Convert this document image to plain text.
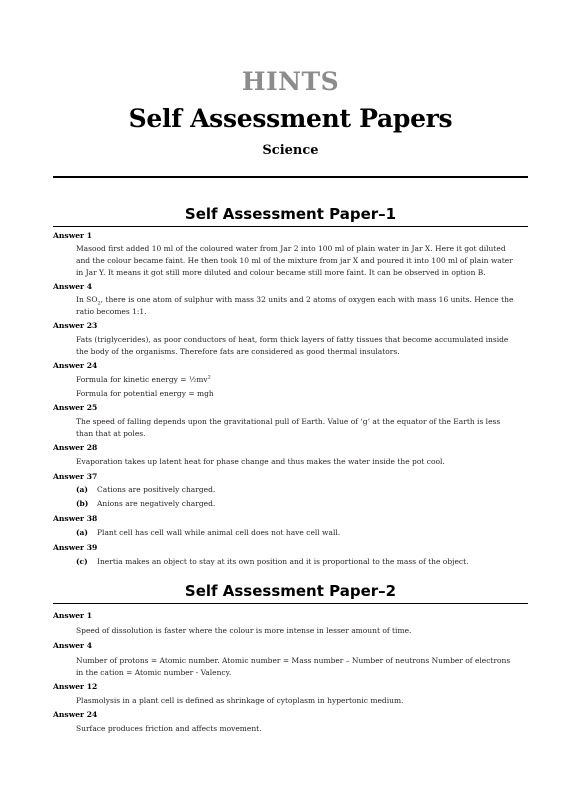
HINTS
Self Assessment Papers
Science
Self Assessment Paper–1
Answer 1
Masood first added 10 ml of the coloured water from Jar 2 into 100 ml of plain water in Jar X. Here it got diluted
and the colour became faint. He then took 10 ml of the mixture from jar X and poured it into 100 ml of plain water
in Jar Y. It means it got still more diluted and colour became still more faint. It can be observed in option B.
Answer 4
In $SO_2$, there is one atom of sulphur with mass 32 units and 2 atoms of oxygen each with mass 16 units. Hence the
ratio becomes 1:1.
Answer 23
Fats (triglycerides), as poor conductors of heat, form thick layers of fatty tissues that become accumulated inside
the body of the organisms. Therefore fats are considered as good thermal insulators.
Answer 24
Formula for kinetic energy = $\frac{1}{2}mv^2$
Formula for potential energy = mgh
Answer 25
The speed of falling depends upon the gravitational pull of Earth. Value of ‘g’ at the equator of the Earth is less
than that at poles.
Answer 28
Evaporation takes up latent heat for phase change and thus makes the water inside the pot cool.
Answer 37
(a) Cations are positively charged.
(b) Anions are negatively charged.
Answer 38
(a) Plant cell has cell wall while animal cell does not have cell wall.
Answer 39
(c) Inertia makes an object to stay at its own position and it is proportional to the mass of the object.
Self Assessment Paper–2
Answer 1
Speed of dissolution is faster where the colour is more intense in lesser amount of time.
Answer 4
Number of protons = Atomic number. Atomic number = Mass number – Number of neutrons Number of electrons
in the cation = Atomic number - Valency.
Answer 12
Plasmolysis in a plant cell is defined as shrinkage of cytoplasm in hypertonic medium.
Answer 24
Surface produces friction and affects movement.
